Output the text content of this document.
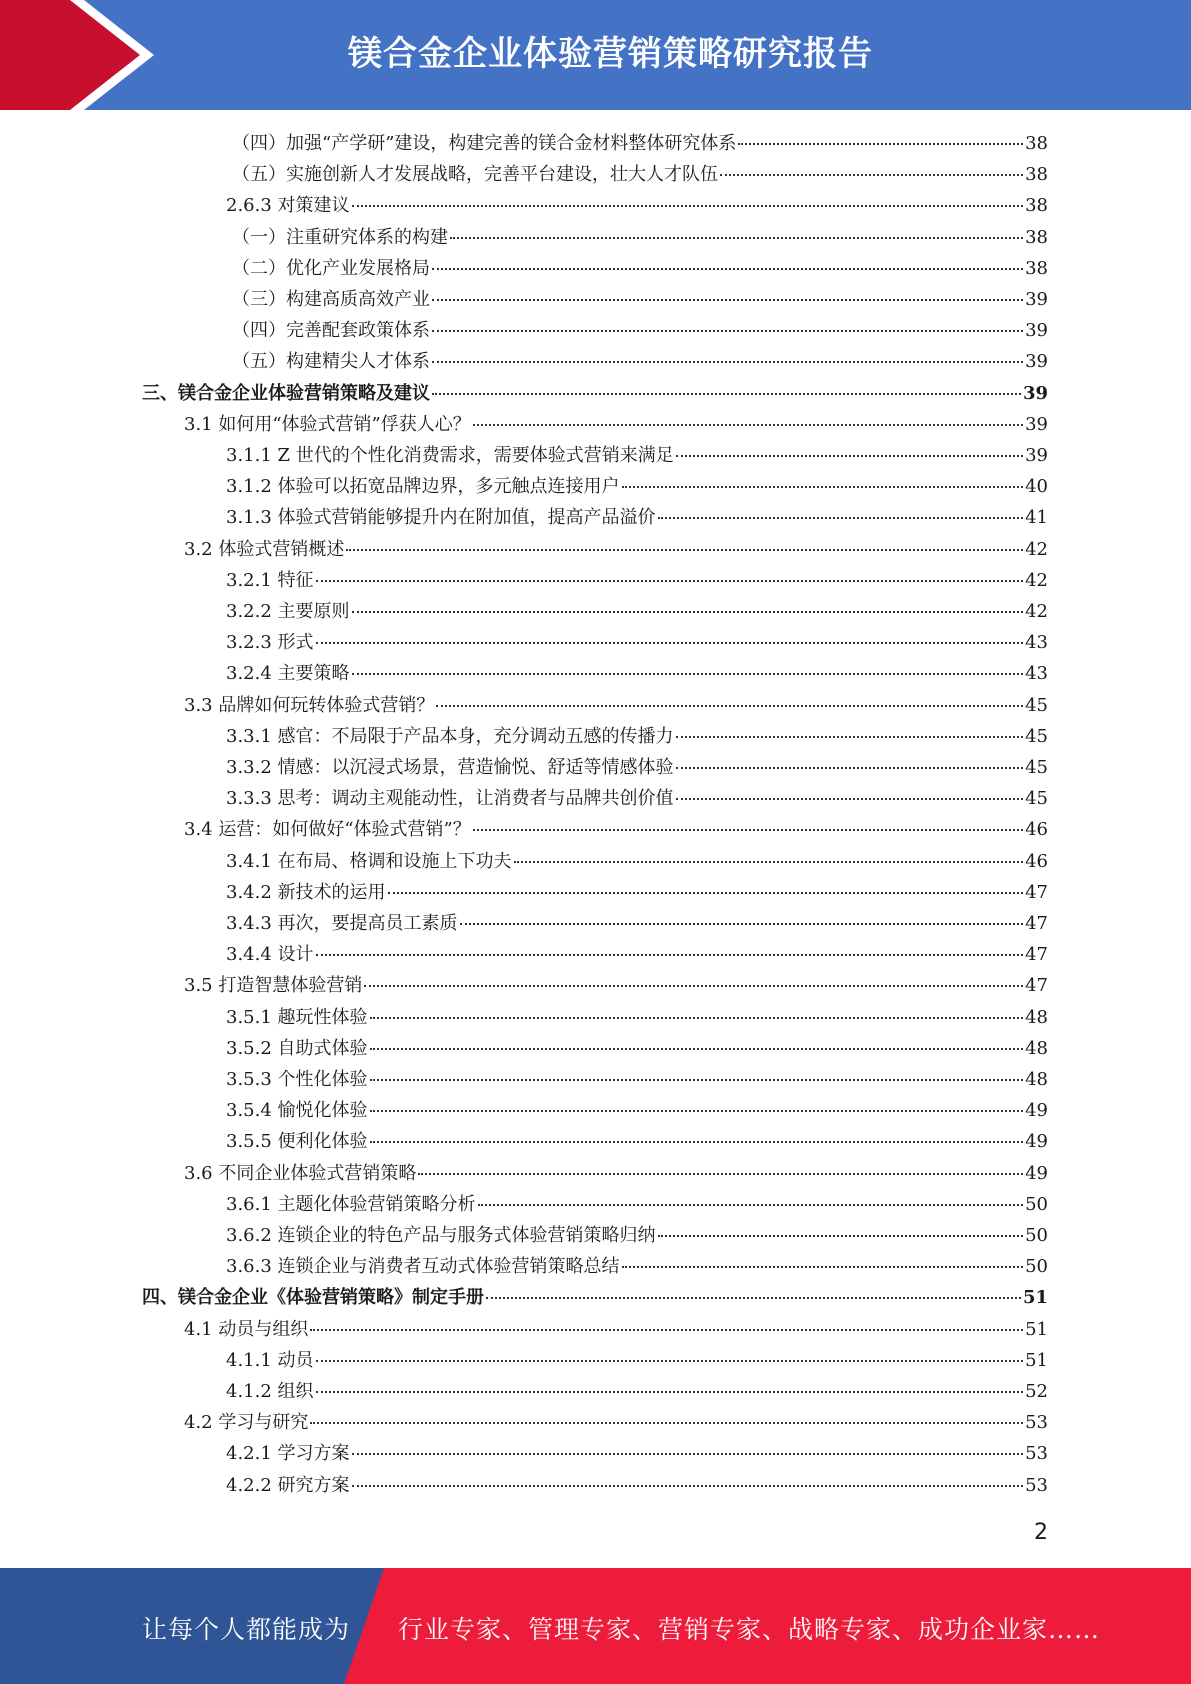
镁合金企业体验营销策略研究报告
（四）加强“产学研”建设，构建完善的镁合金材料整体研究体系	38
（五）实施创新人才发展战略，完善平台建设，壮大人才队伍	38
2.6.3 对策建议	38
（一）注重研究体系的构建	38
（二）优化产业发展格局	38
（三）构建高质高效产业	39
（四）完善配套政策体系	39
（五）构建精尖人才体系	39
三、镁合金企业体验营销策略及建议	39
3.1 如何用“体验式营销”俘获人心？	39
3.1.1 Z 世代的个性化消费需求，需要体验式营销来满足	39
3.1.2 体验可以拓宽品牌边界，多元触点连接用户	40
3.1.3 体验式营销能够提升内在附加值，提高产品溢价	41
3.2 体验式营销概述	42
3.2.1 特征	42
3.2.2 主要原则	42
3.2.3 形式	43
3.2.4 主要策略	43
3.3 品牌如何玩转体验式营销？	45
3.3.1 感官：不局限于产品本身，充分调动五感的传播力	45
3.3.2 情感：以沉浸式场景，营造愉悦、舒适等情感体验	45
3.3.3 思考：调动主观能动性，让消费者与品牌共创价值	45
3.4 运营：如何做好“体验式营销”？	46
3.4.1 在布局、格调和设施上下功夫	46
3.4.2 新技术的运用	47
3.4.3 再次，要提高员工素质	47
3.4.4 设计	47
3.5 打造智慧体验营销	47
3.5.1 趣玩性体验	48
3.5.2 自助式体验	48
3.5.3 个性化体验	48
3.5.4 愉悦化体验	49
3.5.5 便利化体验	49
3.6 不同企业体验式营销策略	49
3.6.1 主题化体验营销策略分析	50
3.6.2 连锁企业的特色产品与服务式体验营销策略归纳	50
3.6.3 连锁企业与消费者互动式体验营销策略总结	50
四、镁合金企业《体验营销策略》制定手册	51
4.1 动员与组织	51
4.1.1 动员	51
4.1.2 组织	52
4.2 学习与研究	53
4.2.1 学习方案	53
4.2.2 研究方案	53
2
让每个人都能成为 行业专家、管理专家、营销专家、战略专家、成功企业家……
